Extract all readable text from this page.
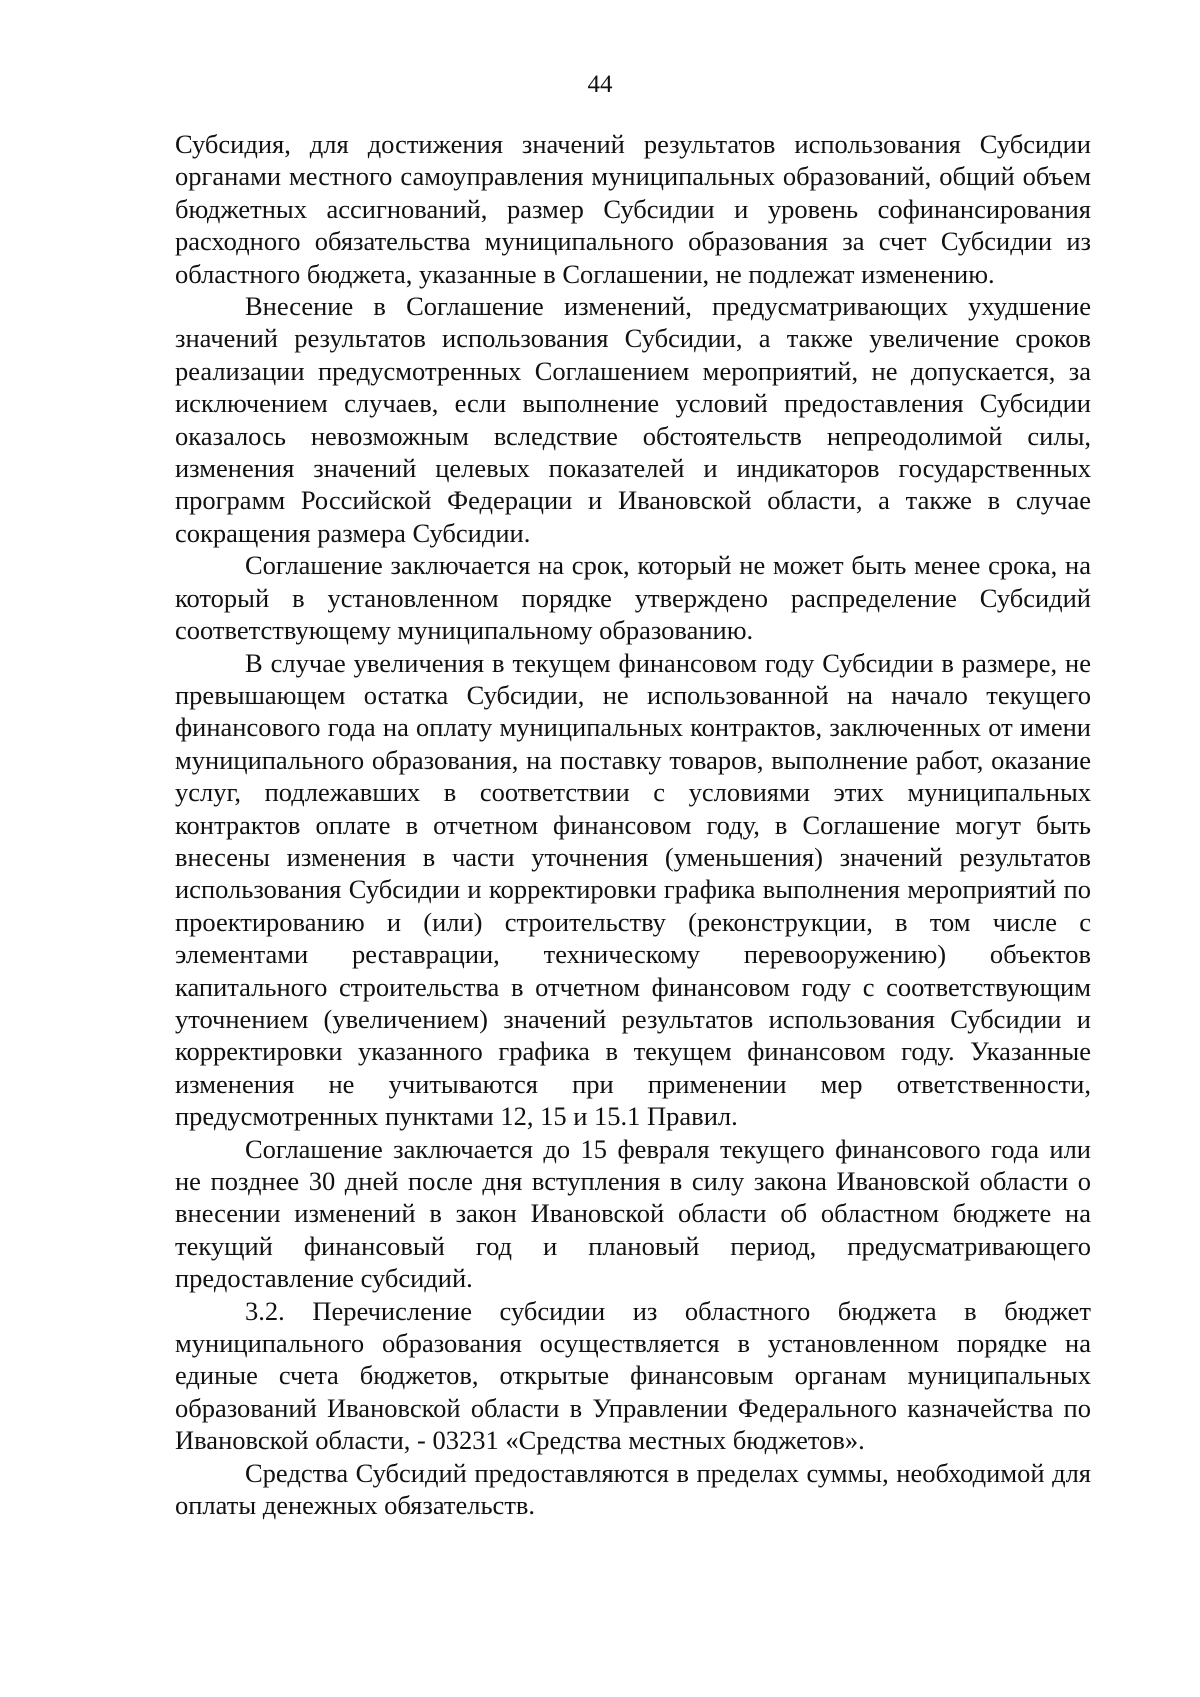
44

Субсидия, для достижения значений результатов использования Субсидии органами местного самоуправления муниципальных образований, общий объем бюджетных ассигнований, размер Субсидии и уровень софинансирования расходного обязательства муниципального образования за счет Субсидии из областного бюджета, указанные в Соглашении, не подлежат изменению.

Внесение в Соглашение изменений, предусматривающих ухудшение значений результатов использования Субсидии, а также увеличение сроков реализации предусмотренных Соглашением мероприятий, не допускается, за исключением случаев, если выполнение условий предоставления Субсидии оказалось невозможным вследствие обстоятельств непреодолимой силы, изменения значений целевых показателей и индикаторов государственных программ Российской Федерации и Ивановской области, а также в случае сокращения размера Субсидии.

Соглашение заключается на срок, который не может быть менее срока, на который в установленном порядке утверждено распределение Субсидий соответствующему муниципальному образованию.

В случае увеличения в текущем финансовом году Субсидии в размере, не превышающем остатка Субсидии, не использованной на начало текущего финансового года на оплату муниципальных контрактов, заключенных от имени муниципального образования, на поставку товаров, выполнение работ, оказание услуг, подлежавших в соответствии с условиями этих муниципальных контрактов оплате в отчетном финансовом году, в Соглашение могут быть внесены изменения в части уточнения (уменьшения) значений результатов использования Субсидии и корректировки графика выполнения мероприятий по проектированию и (или) строительству (реконструкции, в том числе с элементами реставрации, техническому перевооружению) объектов капитального строительства в отчетном финансовом году с соответствующим уточнением (увеличением) значений результатов использования Субсидии и корректировки указанного графика в текущем финансовом году. Указанные изменения не учитываются при применении мер ответственности, предусмотренных пунктами 12, 15 и 15.1 Правил.

Соглашение заключается до 15 февраля текущего финансового года или не позднее 30 дней после дня вступления в силу закона Ивановской области о внесении изменений в закон Ивановской области об областном бюджете на текущий финансовый год и плановый период, предусматривающего предоставление субсидий.

3.2. Перечисление субсидии из областного бюджета в бюджет муниципального образования осуществляется в установленном порядке на единые счета бюджетов, открытые финансовым органам муниципальных образований Ивановской области в Управлении Федерального казначейства по Ивановской области, - 03231 «Средства местных бюджетов».

Средства Субсидий предоставляются в пределах суммы, необходимой для оплаты денежных обязательств.
